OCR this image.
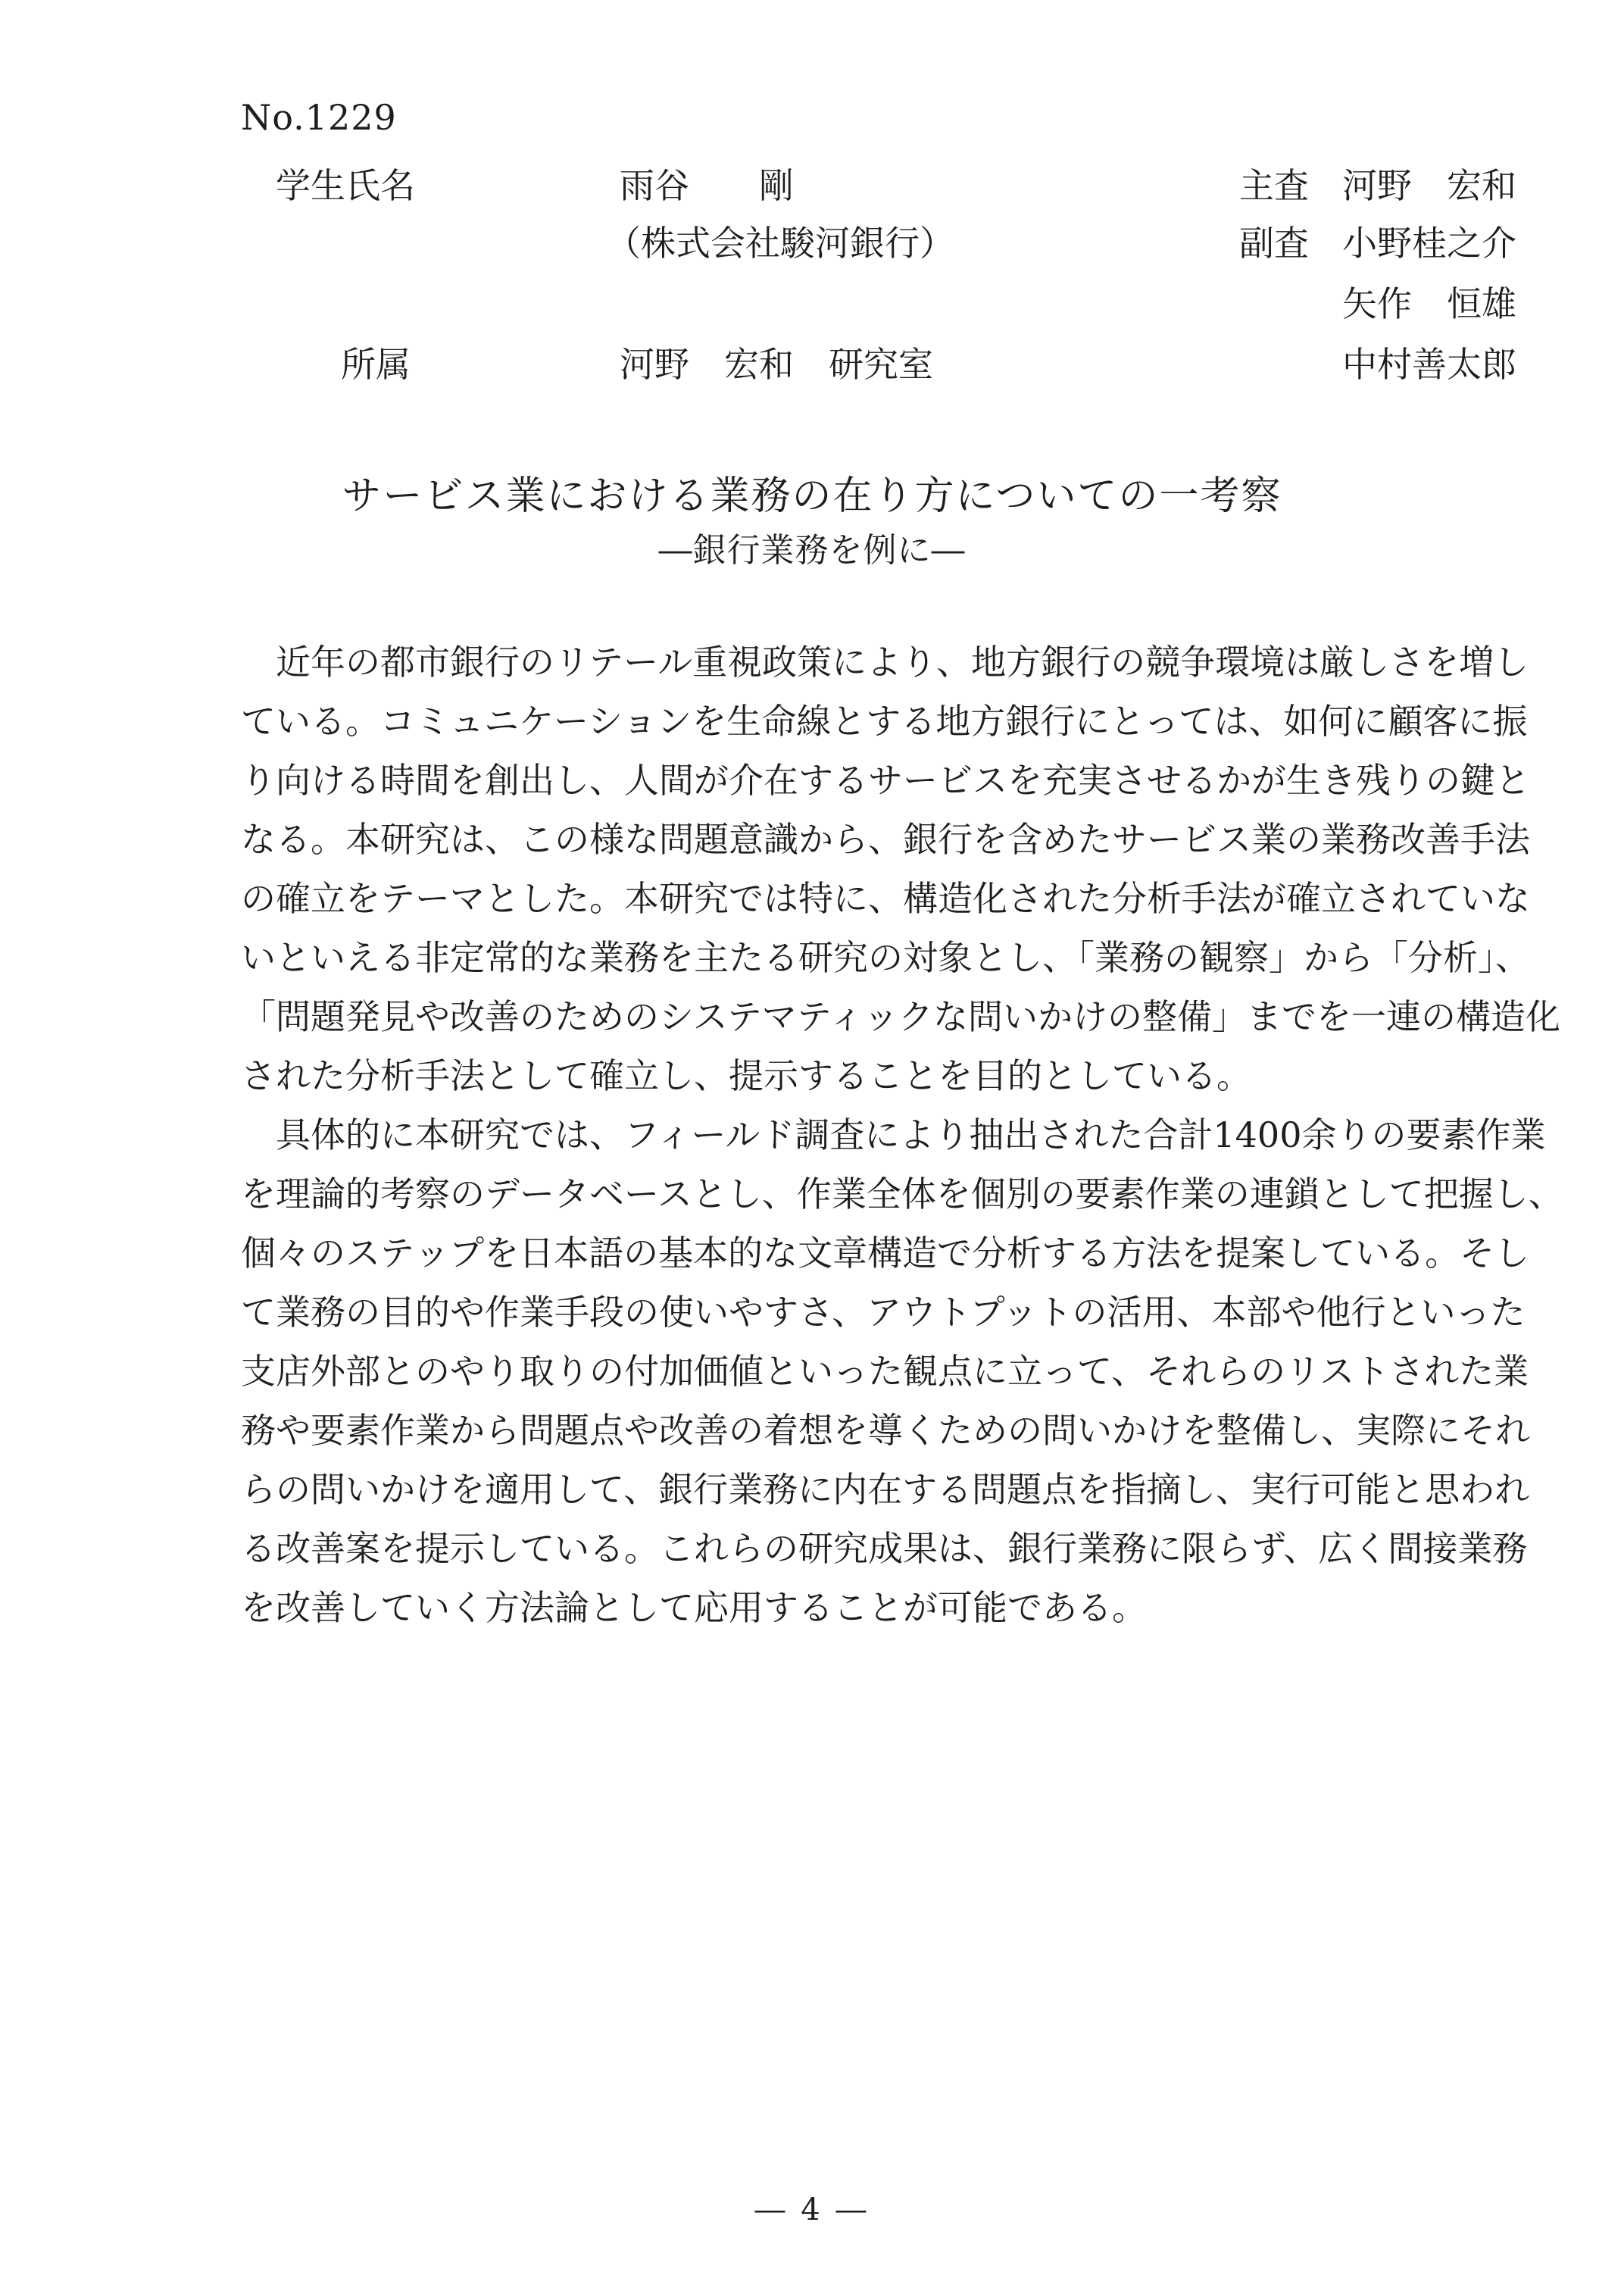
No.1229
学生氏名	雨谷　　剛
（株式会社駿河銀行）
所属	河野　宏和　研究室
主査 河野　宏和
副査 小野桂之介
矢作　恒雄
中村善太郎
サービス業における業務の在り方についての一考察
―銀行業務を例に―
近年の都市銀行のリテール重視政策により、地方銀行の競争環境は厳しさを増し
ている。コミュニケーションを生命線とする地方銀行にとっては、如何に顧客に振
り向ける時間を創出し、人間が介在するサービスを充実させるかが生き残りの鍵と
なる。本研究は、この様な問題意識から、銀行を含めたサービス業の業務改善手法
の確立をテーマとした。本研究では特に、構造化された分析手法が確立されていな
いといえる非定常的な業務を主たる研究の対象とし、「業務の観察」から「分析」、
「問題発見や改善のためのシステマティックな問いかけの整備」までを一連の構造化
された分析手法として確立し、提示することを目的としている。
具体的に本研究では、フィールド調査により抽出された合計1400余りの要素作業
を理論的考察のデータベースとし、作業全体を個別の要素作業の連鎖として把握し、
個々のステップを日本語の基本的な文章構造で分析する方法を提案している。そし
て業務の目的や作業手段の使いやすさ、アウトプットの活用、本部や他行といった
支店外部とのやり取りの付加価値といった観点に立って、それらのリストされた業
務や要素作業から問題点や改善の着想を導くための問いかけを整備し、実際にそれ
らの問いかけを適用して、銀行業務に内在する問題点を指摘し、実行可能と思われ
る改善案を提示している。これらの研究成果は、銀行業務に限らず、広く間接業務
を改善していく方法論として応用することが可能である。
― 4 ―
